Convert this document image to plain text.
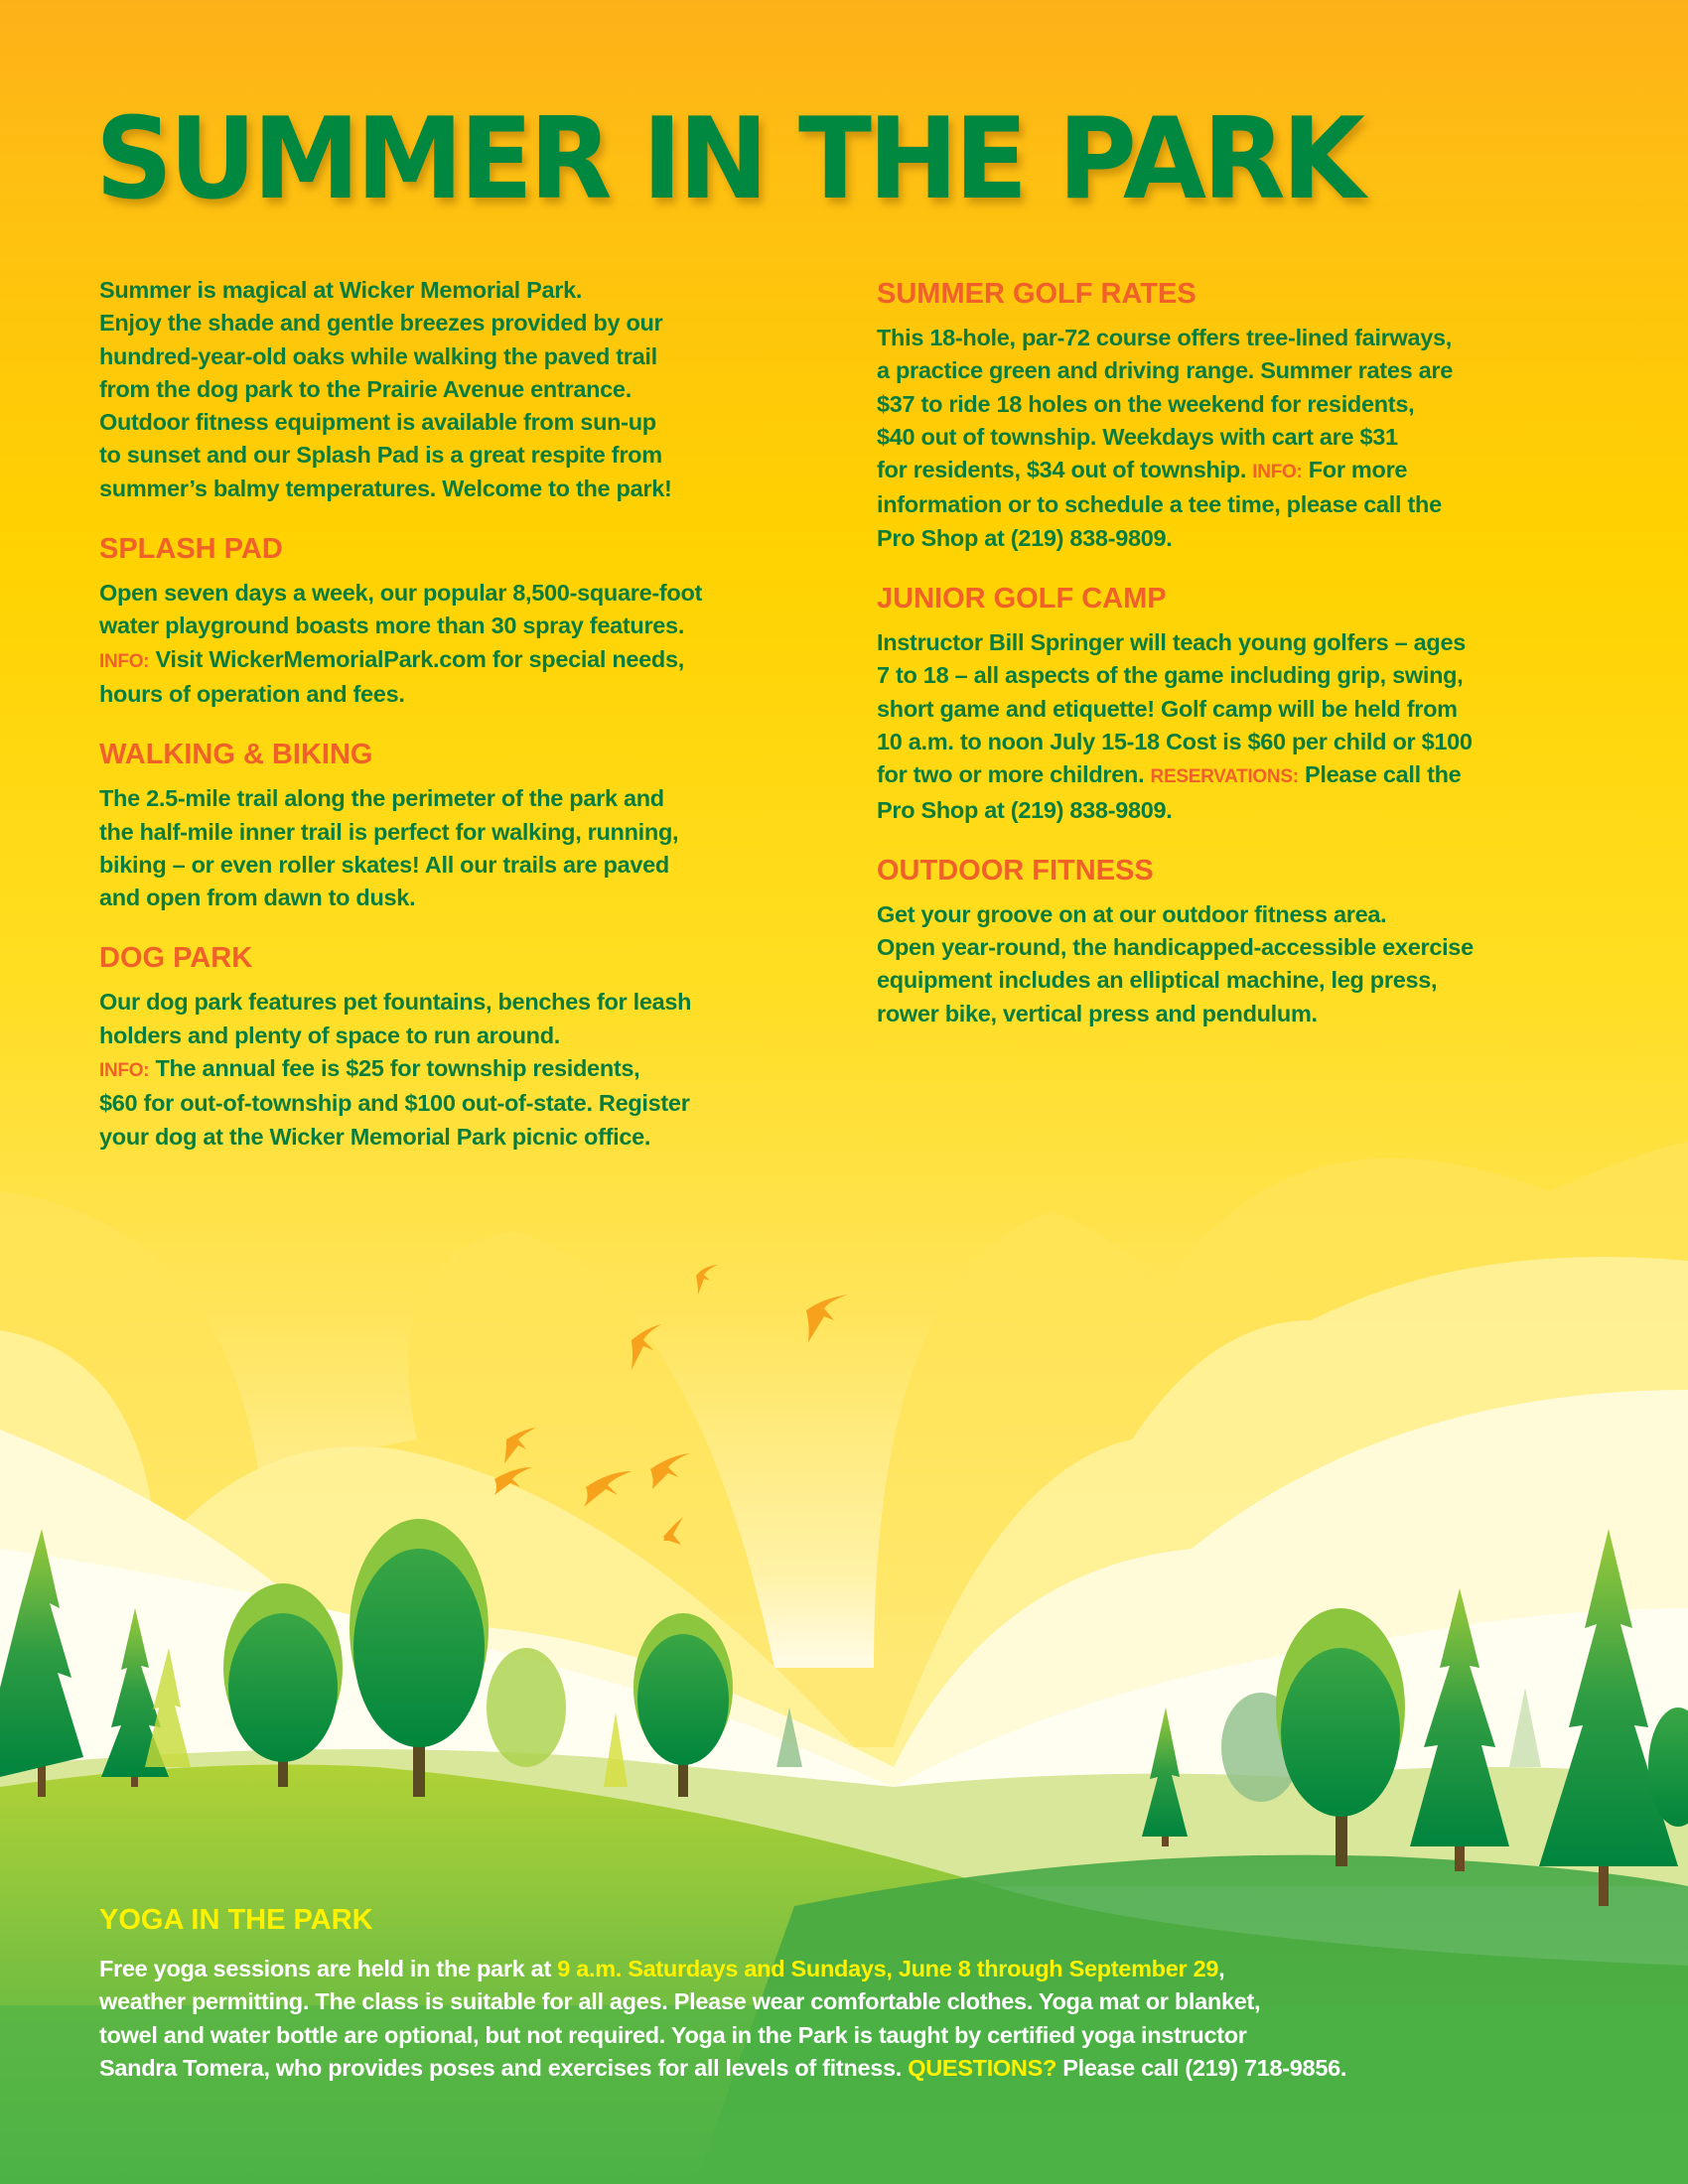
SUMMER IN THE PARK

Summer is magical at Wicker Memorial Park.
Enjoy the shade and gentle breezes provided by our
hundred-year-old oaks while walking the paved trail
from the dog park to the Prairie Avenue entrance.
Outdoor fitness equipment is available from sun-up
to sunset and our Splash Pad is a great respite from
summer’s balmy temperatures. Welcome to the park!

SPLASH PAD

Open seven days a week, our popular 8,500-square-foot
water playground boasts more than 30 spray features.
INFO: Visit WickerMemorialPark.com for special needs,
hours of operation and fees.

WALKING & BIKING

The 2.5-mile trail along the perimeter of the park and
the half-mile inner trail is perfect for walking, running,
biking – or even roller skates! All our trails are paved
and open from dawn to dusk.

DOG PARK

Our dog park features pet fountains, benches for leash
holders and plenty of space to run around.
INFO: The annual fee is $25 for township residents,
$60 for out-of-township and $100 out-of-state. Register
your dog at the Wicker Memorial Park picnic office.

SUMMER GOLF RATES

This 18-hole, par-72 course offers tree-lined fairways,
a practice green and driving range. Summer rates are
$37 to ride 18 holes on the weekend for residents,
$40 out of township. Weekdays with cart are $31
for residents, $34 out of township. INFO: For more
information or to schedule a tee time, please call the
Pro Shop at (219) 838-9809.

JUNIOR GOLF CAMP

Instructor Bill Springer will teach young golfers – ages
7 to 18 – all aspects of the game including grip, swing,
short game and etiquette! Golf camp will be held from
10 a.m. to noon July 15-18 Cost is $60 per child or $100
for two or more children. RESERVATIONS: Please call the
Pro Shop at (219) 838-9809.

OUTDOOR FITNESS

Get your groove on at our outdoor fitness area.
Open year-round, the handicapped-accessible exercise
equipment includes an elliptical machine, leg press,
rower bike, vertical press and pendulum.

YOGA IN THE PARK

Free yoga sessions are held in the park at 9 a.m. Saturdays and Sundays, June 8 through September 29,
weather permitting. The class is suitable for all ages. Please wear comfortable clothes. Yoga mat or blanket,
towel and water bottle are optional, but not required. Yoga in the Park is taught by certified yoga instructor
Sandra Tomera, who provides poses and exercises for all levels of fitness. QUESTIONS? Please call (219) 718-9856.
